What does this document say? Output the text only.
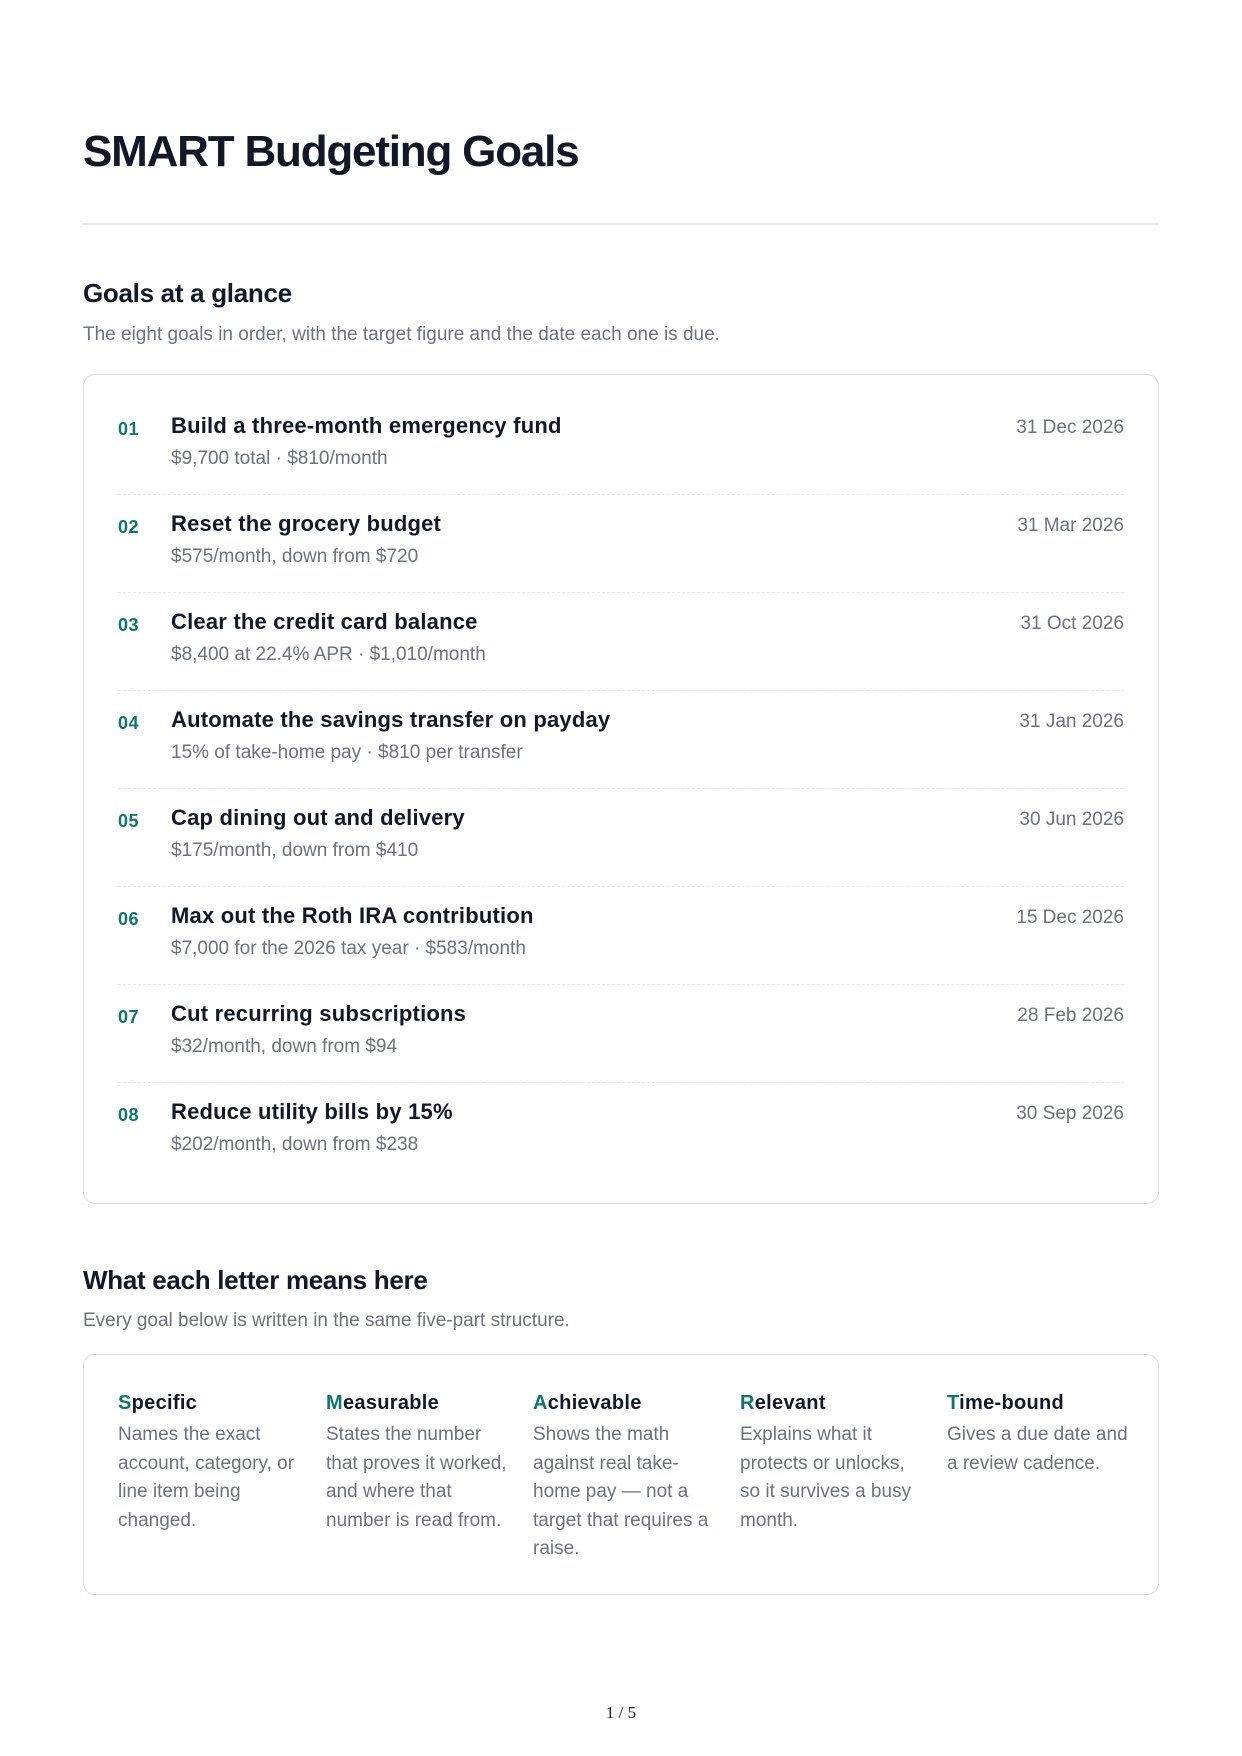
SMART Budgeting Goals
Goals at a glance

The eight goals in order, with the target figure and the date each one is due.

01 Build a three-month emergency fund
$9,700 total · $810/month
31 Dec 2026
02 Reset the grocery budget
$575/month, down from $720
31 Mar 2026
03 Clear the credit card balance
$8,400 at 22.4% APR · $1,010/month
31 Oct 2026
04 Automate the savings transfer on payday
15% of take-home pay · $810 per transfer
31 Jan 2026
05 Cap dining out and delivery
$175/month, down from $410
30 Jun 2026
06 Max out the Roth IRA contribution
$7,000 for the 2026 tax year · $583/month
15 Dec 2026
07 Cut recurring subscriptions
$32/month, down from $94
28 Feb 2026
08 Reduce utility bills by 15%
$202/month, down from $238
30 Sep 2026
What each letter means here

Every goal below is written in the same five-part structure.

Specific

Names the exact account, category, or line item being changed.

Measurable

States the number that proves it worked, and where that number is read from.

Achievable

Shows the math against real take-home pay — not a target that requires a raise.

Relevant

Explains what it protects or unlocks, so it survives a busy month.

Time-bound

Gives a due date and a review cadence.

1 / 5
